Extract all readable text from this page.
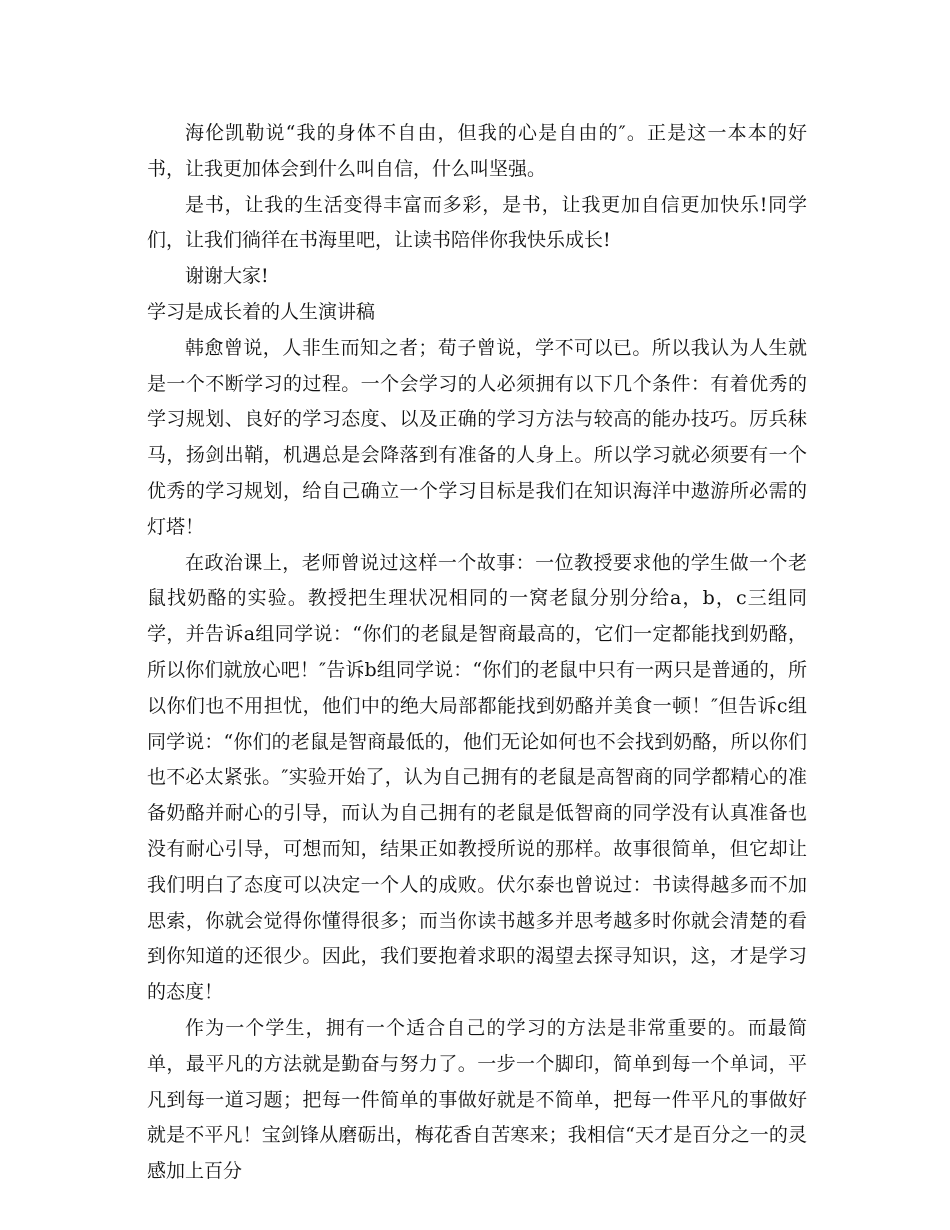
海伦凯勒说“我的身体不自由，但我的心是自由的″。正是这一本本的好书，让我更加体会到什么叫自信，什么叫坚强。

是书，让我的生活变得丰富而多彩，是书，让我更加自信更加快乐!同学们，让我们徜徉在书海里吧，让读书陪伴你我快乐成长!

谢谢大家!

学习是成长着的人生演讲稿

韩愈曾说，人非生而知之者；荀子曾说，学不可以已。所以我认为人生就是一个不断学习的过程。一个会学习的人必须拥有以下几个条件：有着优秀的学习规划、良好的学习态度、以及正确的学习方法与较高的能办技巧。厉兵秣马，扬剑出鞘，机遇总是会降落到有准备的人身上。所以学习就必须要有一个优秀的学习规划，给自己确立一个学习目标是我们在知识海洋中遨游所必需的灯塔！

在政治课上，老师曾说过这样一个故事：一位教授要求他的学生做一个老鼠找奶酪的实验。教授把生理状况相同的一窝老鼠分别分给a，b，c三组同学，并告诉a组同学说：“你们的老鼠是智商最高的，它们一定都能找到奶酪，所以你们就放心吧！″告诉b组同学说：“你们的老鼠中只有一两只是普通的，所以你们也不用担忧，他们中的绝大局部都能找到奶酪并美食一顿！″但告诉c组同学说：“你们的老鼠是智商最低的，他们无论如何也不会找到奶酪，所以你们也不必太紧张。″实验开始了，认为自己拥有的老鼠是高智商的同学都精心的准备奶酪并耐心的引导，而认为自己拥有的老鼠是低智商的同学没有认真准备也没有耐心引导，可想而知，结果正如教授所说的那样。故事很简单，但它却让我们明白了态度可以决定一个人的成败。伏尔泰也曾说过：书读得越多而不加思索，你就会觉得你懂得很多；而当你读书越多并思考越多时你就会清楚的看到你知道的还很少。因此，我们要抱着求职的渴望去探寻知识，这，才是学习的态度！

作为一个学生，拥有一个适合自己的学习的方法是非常重要的。而最简单，最平凡的方法就是勤奋与努力了。一步一个脚印，简单到每一个单词，平凡到每一道习题；把每一件简单的事做好就是不简单，把每一件平凡的事做好就是不平凡！宝剑锋从磨砺出，梅花香自苦寒来；我相信“天才是百分之一的灵感加上百分
